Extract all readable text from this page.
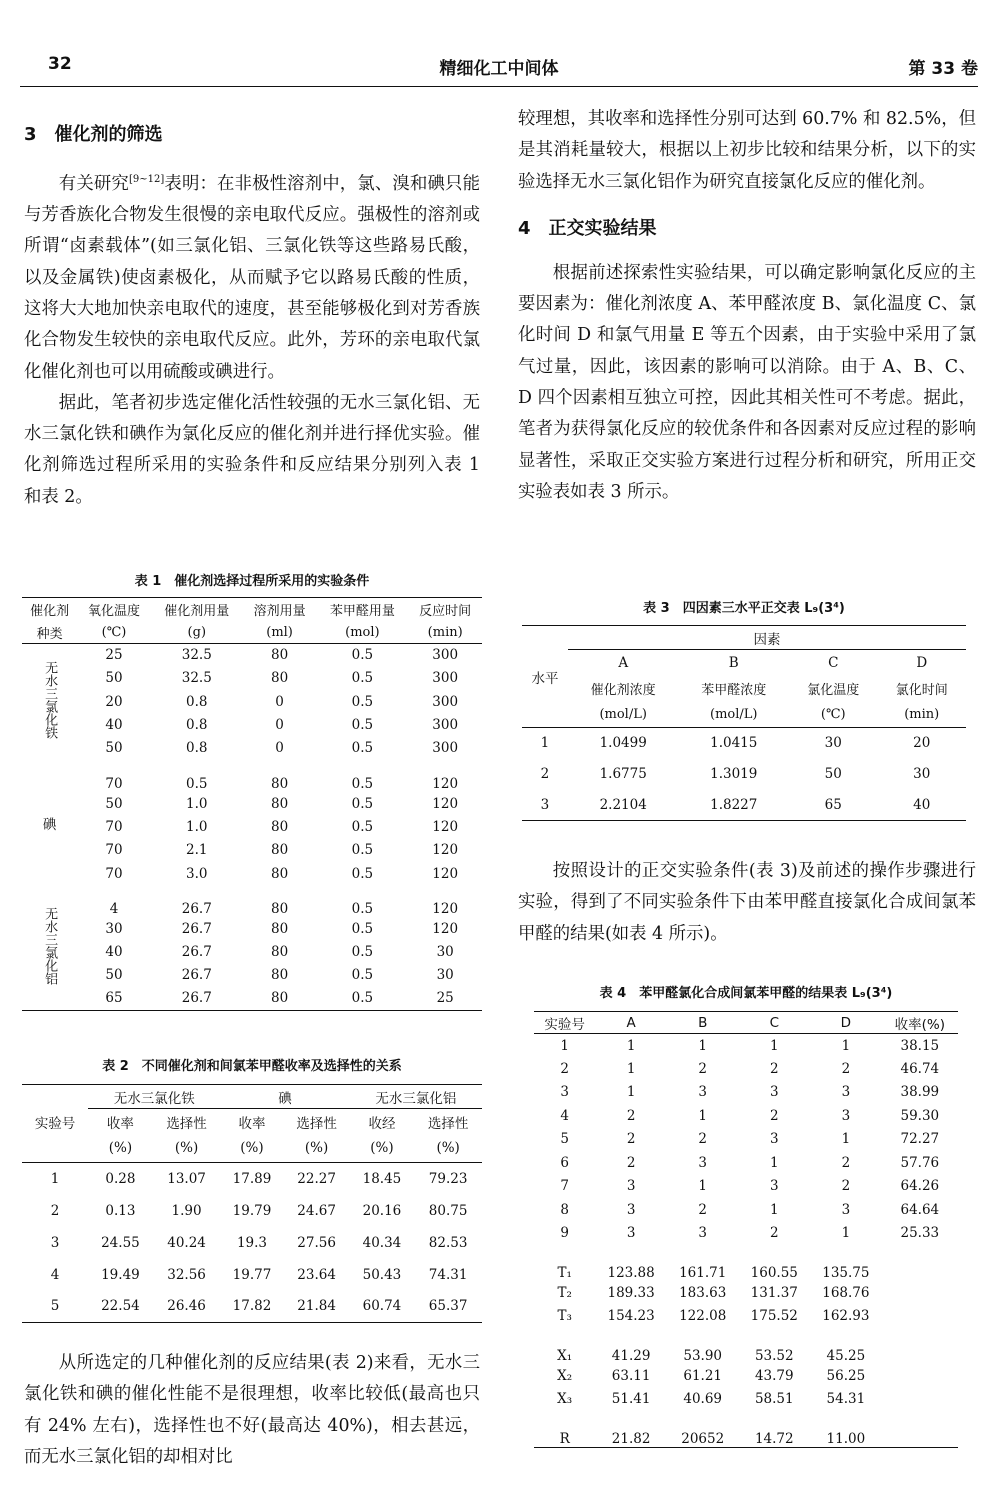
32	精细化工中间体	第 33 卷

3　催化剂的筛选

有关研究[9~12]表明：在非极性溶剂中，氯、溴和碘只能与芳香族化合物发生很慢的亲电取代反应。强极性的溶剂或所谓“卤素载体”(如三氯化铝、三氯化铁等这些路易氏酸，以及金属铁)使卤素极化，从而赋予它以路易氏酸的性质，这将大大地加快亲电取代的速度，甚至能够极化到对芳香族化合物发生较快的亲电取代反应。此外，芳环的亲电取代氯化催化剂也可以用硫酸或碘进行。

据此，笔者初步选定催化活性较强的无水三氯化铝、无水三氯化铁和碘作为氯化反应的催化剂并进行择优实验。催化剂筛选过程所采用的实验条件和反应结果分别列入表 1 和表 2。

表 1　催化剂选择过程所采用的实验条件

催化剂	氧化温度	催化剂用量	溶剂用量	苯甲醛用量	反应时间
种类	(℃)	(g)	(ml)	(mol)	(min)
无水三氯化铁	25	32.5	80	0.5	300
	50	32.5	80	0.5	300
	20	0.8	0	0.5	300
	40	0.8	0	0.5	300
	50	0.8	0	0.5	300
碘	70	0.5	80	0.5	120
	50	1.0	80	0.5	120
	70	1.0	80	0.5	120
	70	2.1	80	0.5	120
	70	3.0	80	0.5	120
无水三氯化铝	4	26.7	80	0.5	120
	30	26.7	80	0.5	120
	40	26.7	80	0.5	30
	50	26.7	80	0.5	30
	65	26.7	80	0.5	25

表 2　不同催化剂和间氯苯甲醛收率及选择性的关系

	无水三氯化铁		碘		无水三氯化铝	
实验号	收率	选择性	收率	选择性	收经	选择性
	(%)	(%)	(%)	(%)	(%)	(%)
1	0.28	13.07	17.89	22.27	18.45	79.23
2	0.13	1.90	19.79	24.67	20.16	80.75
3	24.55	40.24	19.3	27.56	40.34	82.53
4	19.49	32.56	19.77	23.64	50.43	74.31
5	22.54	26.46	17.82	21.84	60.74	65.37

从所选定的几种催化剂的反应结果(表 2)来看，无水三氯化铁和碘的催化性能不是很理想，收率比较低(最高也只有 24% 左右)，选择性也不好(最高达 40%)，相去甚远，而无水三氯化铝的却相对比

较理想，其收率和选择性分别可达到 60.7% 和 82.5%，但是其消耗量较大，根据以上初步比较和结果分析，以下的实验选择无水三氯化铝作为研究直接氯化反应的催化剂。

4　正交实验结果

根据前述探索性实验结果，可以确定影响氯化反应的主要因素为：催化剂浓度 A、苯甲醛浓度 B、氯化温度 C、氯化时间 D 和氯气用量 E 等五个因素，由于实验中采用了氯气过量，因此，该因素的影响可以消除。由于 A、B、C、D 四个因素相互独立可控，因此其相关性可不考虑。据此，笔者为获得氯化反应的较优条件和各因素对反应过程的影响显著性，采取正交实验方案进行过程分析和研究，所用正交实验表如表 3 所示。

表 3　四因素三水平正交表 L₉(3⁴)

水平	因素			
	A	B	C	D
	催化剂浓度	苯甲醛浓度	氯化温度	氯化时间
	(mol/L)	(mol/L)	(℃)	(min)
1	1.0499	1.0415	30	20
2	1.6775	1.3019	50	30
3	2.2104	1.8227	65	40

按照设计的正交实验条件(表 3)及前述的操作步骤进行实验，得到了不同实验条件下由苯甲醛直接氯化合成间氯苯甲醛的结果(如表 4 所示)。

表 4　苯甲醛氯化合成间氯苯甲醛的结果表 L₉(3⁴)

实验号	A	B	C	D	收率(%)
1	1	1	1	1	38.15
2	1	2	2	2	46.74
3	1	3	3	3	38.99
4	2	1	2	3	59.30
5	2	2	3	1	72.27
6	2	3	1	2	57.76
7	3	1	3	2	64.26
8	3	2	1	3	64.64
9	3	3	2	1	25.33
T₁	123.88	161.71	160.55	135.75	
T₂	189.33	183.63	131.37	168.76	
T₃	154.23	122.08	175.52	162.93	
X₁	41.29	53.90	53.52	45.25	
X₂	63.11	61.21	43.79	56.25	
X₃	51.41	40.69	58.51	54.31	
R	21.82	20652	14.72	11.00	
